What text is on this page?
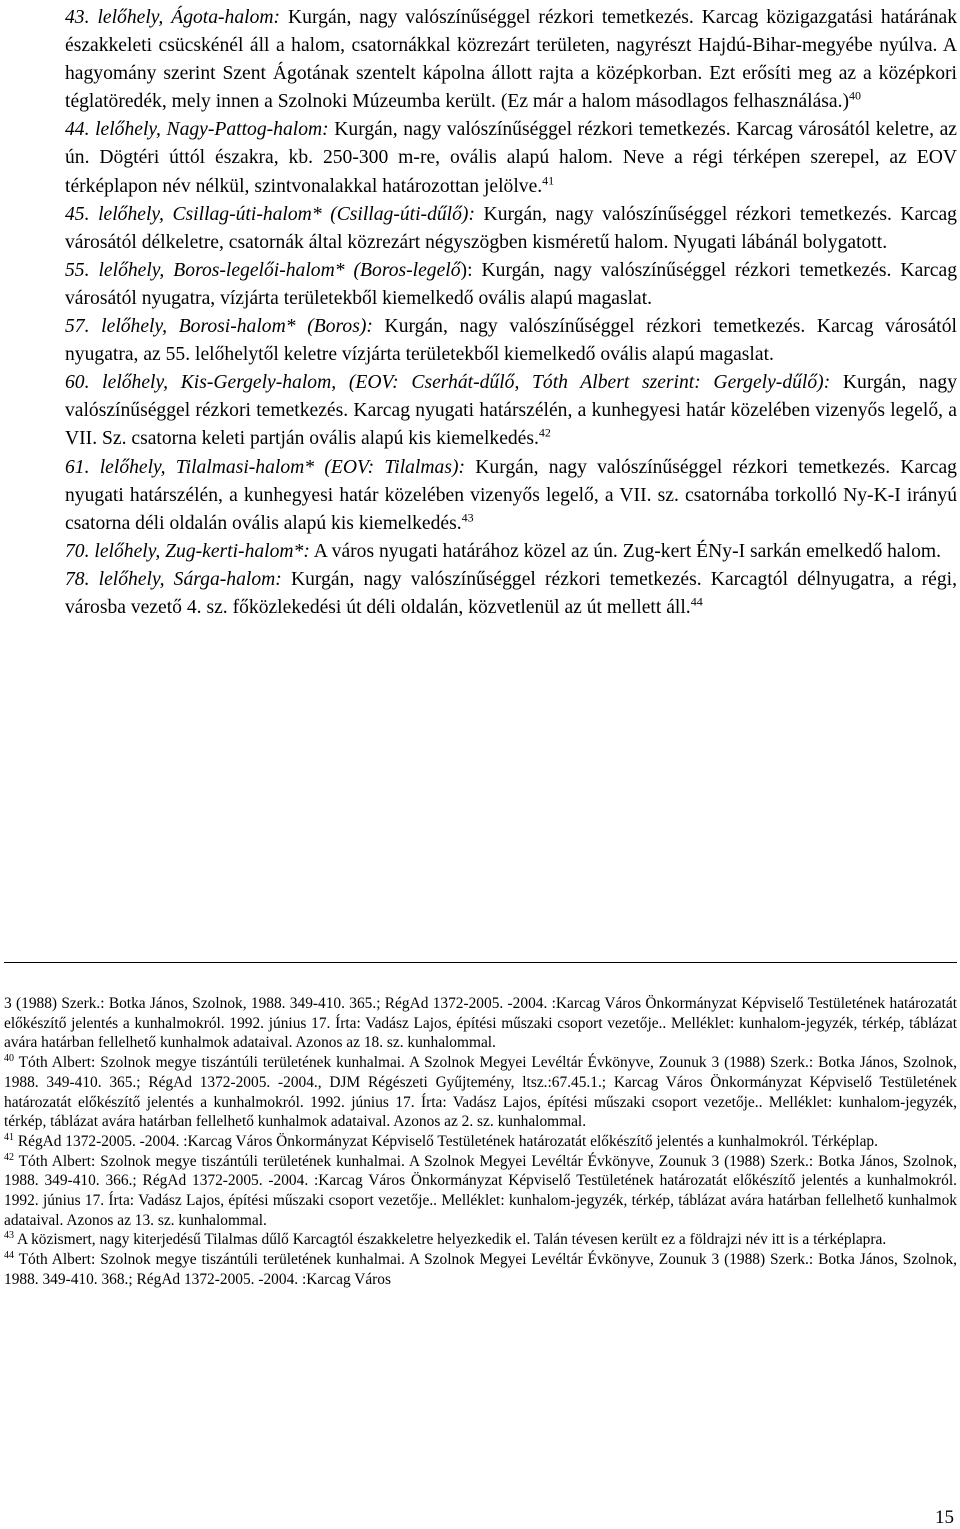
43. lelőhely, Ágota-halom: Kurgán, nagy valószínűséggel rézkori temetkezés. Karcag közigazgatási határának északkeleti csücskénél áll a halom, csatornákkal közrezárt területen, nagyrészt Hajdú-Bihar-megyébe nyúlva. A hagyomány szerint Szent Ágotának szentelt kápolna állott rajta a középkorban. Ezt erősíti meg az a középkori téglatöredék, mely innen a Szolnoki Múzeumba került. (Ez már a halom másodlagos felhasználása.)$^{40}$

44. lelőhely, Nagy-Pattog-halom: Kurgán, nagy valószínűséggel rézkori temetkezés. Karcag városától keletre, az ún. Dögtéri úttól északra, kb. 250-300 m-re, ovális alapú halom. Neve a régi térképen szerepel, az EOV térképlapon név nélkül, szintvonalakkal határozottan jelölve.$^{41}$

45. lelőhely, Csillag-úti-halom* (Csillag-úti-dűlő): Kurgán, nagy valószínűséggel rézkori temetkezés. Karcag városától délkeletre, csatornák által közrezárt négyszögben kisméretű halom. Nyugati lábánál bolygatott.

55. lelőhely, Boros-legelői-halom* (Boros-legelő): Kurgán, nagy valószínűséggel rézkori temetkezés. Karcag városától nyugatra, vízjárta területekből kiemelkedő ovális alapú magaslat.

57. lelőhely, Borosi-halom* (Boros): Kurgán, nagy valószínűséggel rézkori temetkezés. Karcag városától nyugatra, az 55. lelőhelytől keletre vízjárta területekből kiemelkedő ovális alapú magaslat.

60. lelőhely, Kis-Gergely-halom, (EOV: Cserhát-dűlő, Tóth Albert szerint: Gergely-dűlő): Kurgán, nagy valószínűséggel rézkori temetkezés. Karcag nyugati határszélén, a kunhegyesi határ közelében vizenyős legelő, a VII. Sz. csatorna keleti partján ovális alapú kis kiemelkedés.$^{42}$

61. lelőhely, Tilalmasi-halom* (EOV: Tilalmas): Kurgán, nagy valószínűséggel rézkori temetkezés. Karcag nyugati határszélén, a kunhegyesi határ közelében vizenyős legelő, a VII. sz. csatornába torkolló Ny-K-I irányú csatorna déli oldalán ovális alapú kis kiemelkedés.$^{43}$

70. lelőhely, Zug-kerti-halom*: A város nyugati határához közel az ún. Zug-kert ÉNy-I sarkán emelkedő halom.

78. lelőhely, Sárga-halom: Kurgán, nagy valószínűséggel rézkori temetkezés. Karcagtól délnyugatra, a régi, városba vezető 4. sz. főközlekedési út déli oldalán, közvetlenül az út mellett áll.$^{44}$

3 (1988) Szerk.: Botka János, Szolnok, 1988. 349-410. 365.; RégAd 1372-2005. -2004. :Karcag Város Önkormányzat Képviselő Testületének határozatát előkészítő jelentés a kunhalmokról. 1992. június 17. Írta: Vadász Lajos, építési műszaki csoport vezetője.. Melléklet: kunhalom-jegyzék, térkép, táblázat avára határban fellelhető kunhalmok adataival. Azonos az 18. sz. kunhalommal.

$^{40}$ Tóth Albert: Szolnok megye tiszántúli területének kunhalmai. A Szolnok Megyei Levéltár Évkönyve, Zounuk 3 (1988) Szerk.: Botka János, Szolnok, 1988. 349-410. 365.; RégAd 1372-2005. -2004., DJM Régészeti Gyűjtemény, ltsz.:67.45.1.; Karcag Város Önkormányzat Képviselő Testületének határozatát előkészítő jelentés a kunhalmokról. 1992. június 17. Írta: Vadász Lajos, építési műszaki csoport vezetője.. Melléklet: kunhalom-jegyzék, térkép, táblázat avára határban fellelhető kunhalmok adataival. Azonos az 2. sz. kunhalommal.

$^{41}$ RégAd 1372-2005. -2004. :Karcag Város Önkormányzat Képviselő Testületének határozatát előkészítő jelentés a kunhalmokról. Térképlap.

$^{42}$ Tóth Albert: Szolnok megye tiszántúli területének kunhalmai. A Szolnok Megyei Levéltár Évkönyve, Zounuk 3 (1988) Szerk.: Botka János, Szolnok, 1988. 349-410. 366.; RégAd 1372-2005. -2004. :Karcag Város Önkormányzat Képviselő Testületének határozatát előkészítő jelentés a kunhalmokról. 1992. június 17. Írta: Vadász Lajos, építési műszaki csoport vezetője.. Melléklet: kunhalom-jegyzék, térkép, táblázat avára határban fellelhető kunhalmok adataival. Azonos az 13. sz. kunhalommal.

$^{43}$ A közismert, nagy kiterjedésű Tilalmas dűlő Karcagtól északkeletre helyezkedik el. Talán tévesen került ez a földrajzi név itt is a térképlapra.

$^{44}$ Tóth Albert: Szolnok megye tiszántúli területének kunhalmai. A Szolnok Megyei Levéltár Évkönyve, Zounuk 3 (1988) Szerk.: Botka János, Szolnok, 1988. 349-410. 368.; RégAd 1372-2005. -2004. :Karcag Város

15
